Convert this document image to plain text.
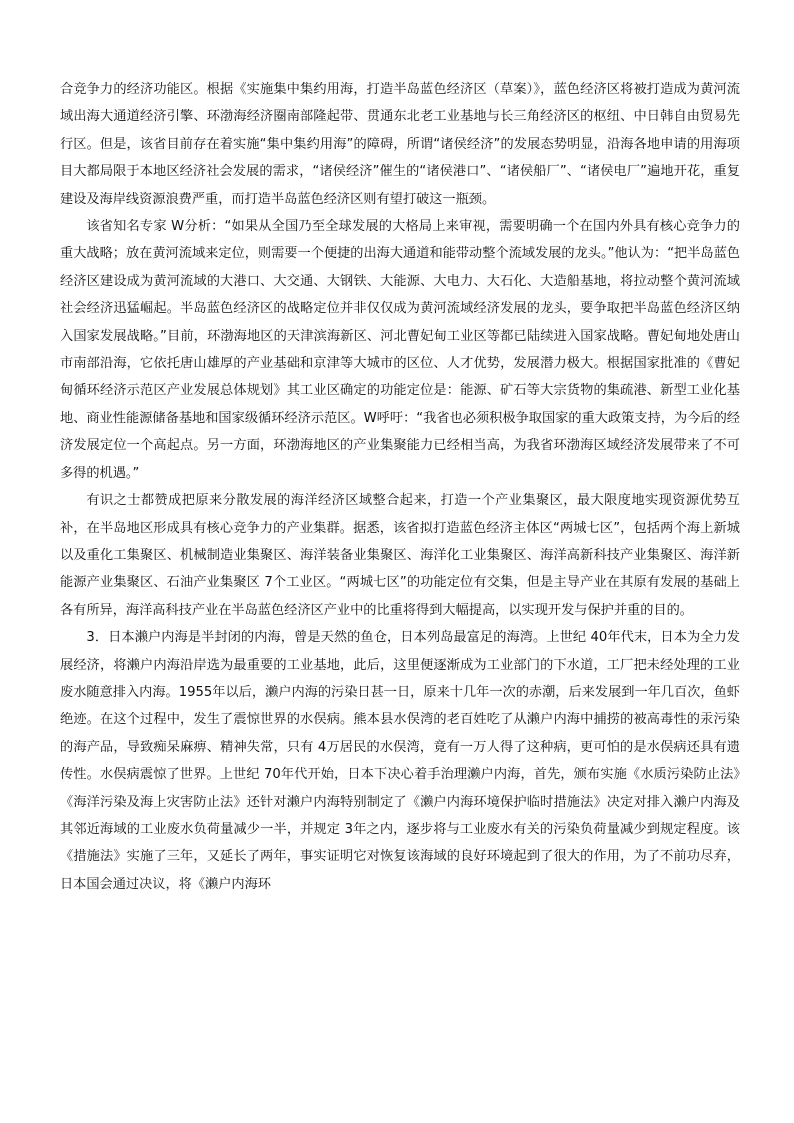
合竞争力的经济功能区。根据《实施集中集约用海，打造半岛蓝色经济区（草案）》，蓝色经济区将被打造成为黄河流域出海大通道经济引擎、环渤海经济圈南部隆起带、贯通东北老工业基地与长三角经济区的枢纽、中日韩自由贸易先行区。但是，该省目前存在着实施“集中集约用海”的障碍，所谓“诸侯经济”的发展态势明显，沿海各地申请的用海项目大都局限于本地区经济社会发展的需求，“诸侯经济”催生的“诸侯港口”、“诸侯船厂”、“诸侯电厂”遍地开花，重复建设及海岸线资源浪费严重，而打造半岛蓝色经济区则有望打破这一瓶颈。

该省知名专家 W分析：“如果从全国乃至全球发展的大格局上来审视，需要明确一个在国内外具有核心竞争力的重大战略；放在黄河流域来定位，则需要一个便捷的出海大通道和能带动整个流域发展的龙头。”他认为：“把半岛蓝色经济区建设成为黄河流域的大港口、大交通、大钢铁、大能源、大电力、大石化、大造船基地，将拉动整个黄河流域社会经济迅猛崛起。半岛蓝色经济区的战略定位并非仅仅成为黄河流域经济发展的龙头，要争取把半岛蓝色经济区纳入国家发展战略。”目前，环渤海地区的天津滨海新区、河北曹妃甸工业区等都已陆续进入国家战略。曹妃甸地处唐山市南部沿海，它依托唐山雄厚的产业基础和京津等大城市的区位、人才优势，发展潜力极大。根据国家批准的《曹妃甸循环经济示范区产业发展总体规划》其工业区确定的功能定位是：能源、矿石等大宗货物的集疏港、新型工业化基地、商业性能源储备基地和国家级循环经济示范区。W呼吁：“我省也必须积极争取国家的重大政策支持，为今后的经济发展定位一个高起点。另一方面，环渤海地区的产业集聚能力已经相当高，为我省环渤海区域经济发展带来了不可多得的机遇。”

有识之士都赞成把原来分散发展的海洋经济区域整合起来，打造一个产业集聚区，最大限度地实现资源优势互补，在半岛地区形成具有核心竞争力的产业集群。据悉，该省拟打造蓝色经济主体区“两城七区”，包括两个海上新城以及重化工集聚区、机械制造业集聚区、海洋装备业集聚区、海洋化工业集聚区、海洋高新科技产业集聚区、海洋新能源产业集聚区、石油产业集聚区 7个工业区。“两城七区”的功能定位有交集，但是主导产业在其原有发展的基础上各有所异，海洋高科技产业在半岛蓝色经济区产业中的比重将得到大幅提高，以实现开发与保护并重的目的。

3．日本濑户内海是半封闭的内海，曾是天然的鱼仓，日本列岛最富足的海湾。上世纪 40年代末，日本为全力发展经济，将濑户内海沿岸选为最重要的工业基地，此后，这里便逐渐成为工业部门的下水道，工厂把未经处理的工业废水随意排入内海。1955年以后，濑户内海的污染日甚一日，原来十几年一次的赤潮，后来发展到一年几百次，鱼虾绝迹。在这个过程中，发生了震惊世界的水俣病。熊本县水俣湾的老百姓吃了从濑户内海中捕捞的被高毒性的汞污染的海产品，导致痴呆麻痹、精神失常，只有 4万居民的水俣湾，竟有一万人得了这种病，更可怕的是水俣病还具有遗传性。水俣病震惊了世界。上世纪 70年代开始，日本下决心着手治理濑户内海，首先，颁布实施《水质污染防止法》《海洋污染及海上灾害防止法》还针对濑户内海特别制定了《濑户内海环境保护临时措施法》决定对排入濑户内海及其邻近海域的工业废水负荷量减少一半，并规定 3年之内，逐步将与工业废水有关的污染负荷量减少到规定程度。该《措施法》实施了三年，又延长了两年，事实证明它对恢复该海域的良好环境起到了很大的作用，为了不前功尽弃，日本国会通过决议，将《濑户内海环
